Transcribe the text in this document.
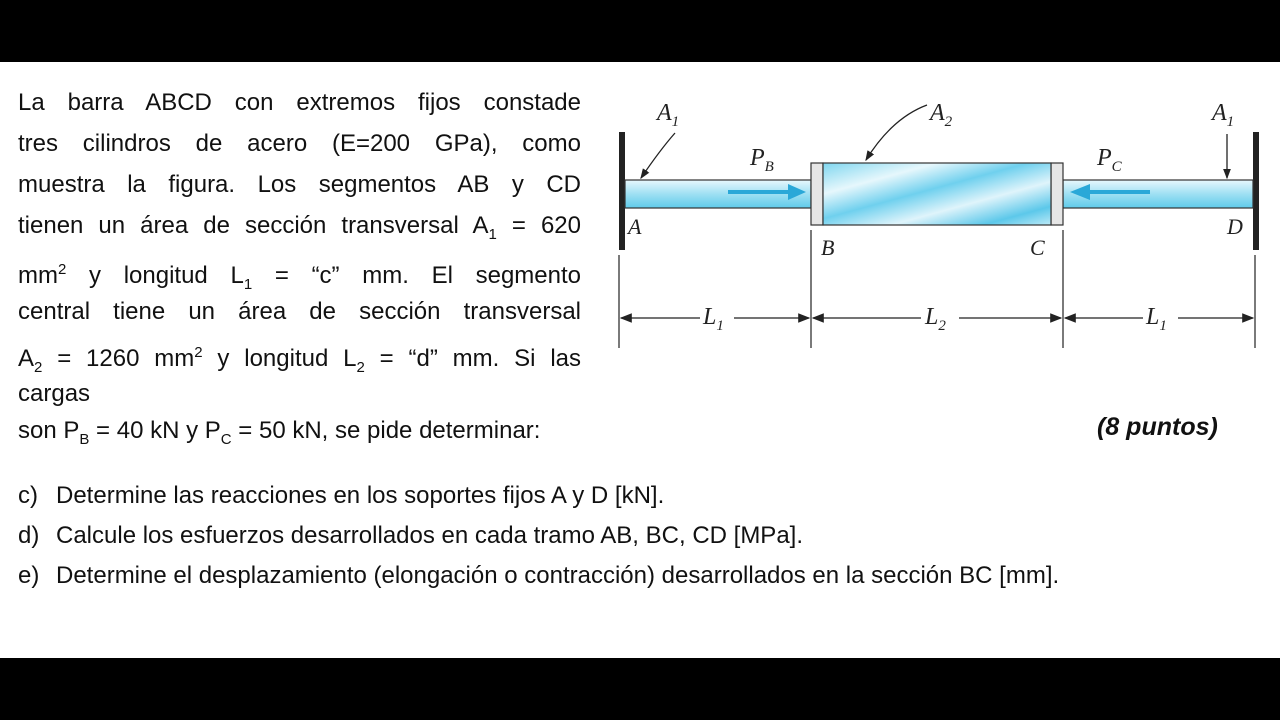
La barra ABCD con extremos fijos constade
tres cilindros de acero (E=200 GPa), como
muestra la figura. Los segmentos AB y CD
tienen un área de sección transversal $A_1 = 620$
$mm^2$ y longitud $L_1$ = “c” mm. El segmento
central tiene un área de sección transversal
$A_2 = 1260$ $mm^2$ y longitud $L_2$ = “d” mm. Si las
cargas
son $P_B = 40$ kN y $P_C = 50$ kN, se pide determinar:	(8 puntos)
c) Determine las reacciones en los soportes fijos A y D [kN].
d) Calcule los esfuerzos desarrollados en cada tramo AB, BC, CD [MPa].
e) Determine el desplazamiento (elongación o contracción) desarrollados en la sección BC [mm].
$A_1$	$A_2$	$A_1$
$P_B$	$P_C$
A
B	C
D
$L_1$	$L_2$	$L_1$
